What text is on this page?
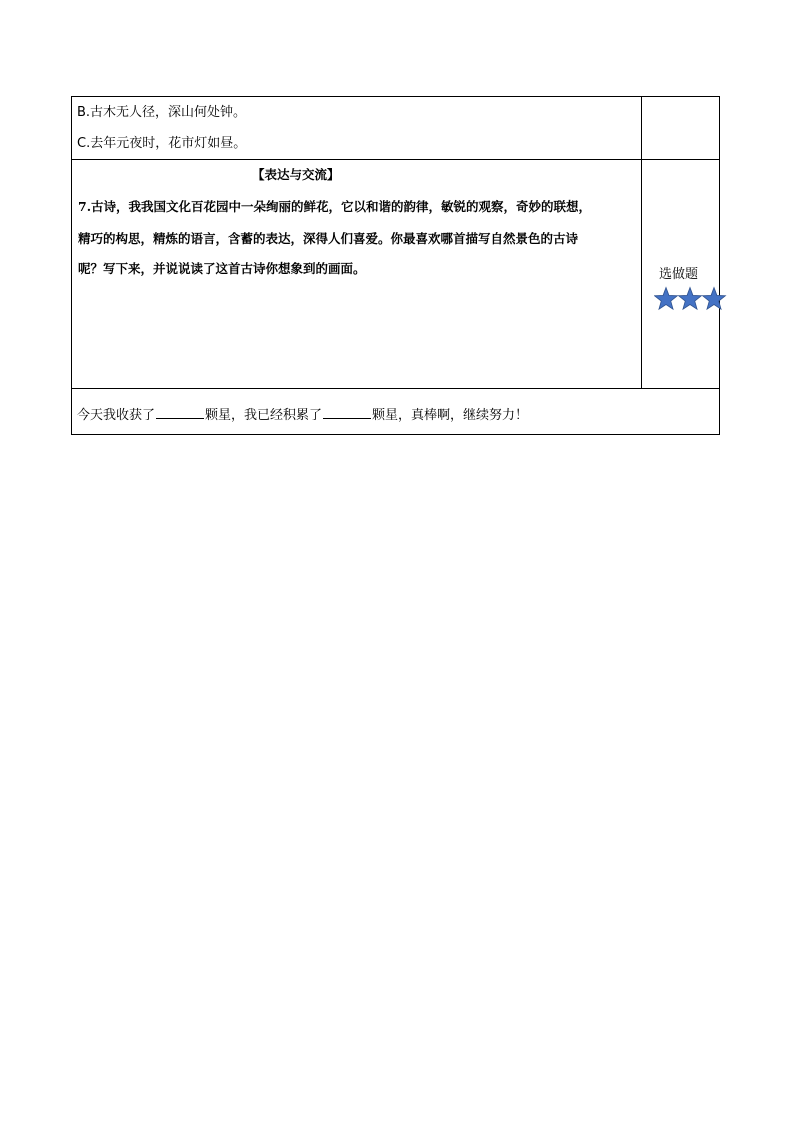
B.古木无人径，深山何处钟。
C.去年元夜时，花市灯如昼。
【表达与交流】
7.古诗，我我国文化百花园中一朵绚丽的鲜花，它以和谐的韵律，敏锐的观察，奇妙的联想，
精巧的构思，精炼的语言，含蓄的表达，深得人们喜爱。你最喜欢哪首描写自然景色的古诗
呢？写下来，并说说读了这首古诗你想象到的画面。	选做题
今天我收获了	颗星，我已经积累了	颗星，真棒啊，继续努力！
